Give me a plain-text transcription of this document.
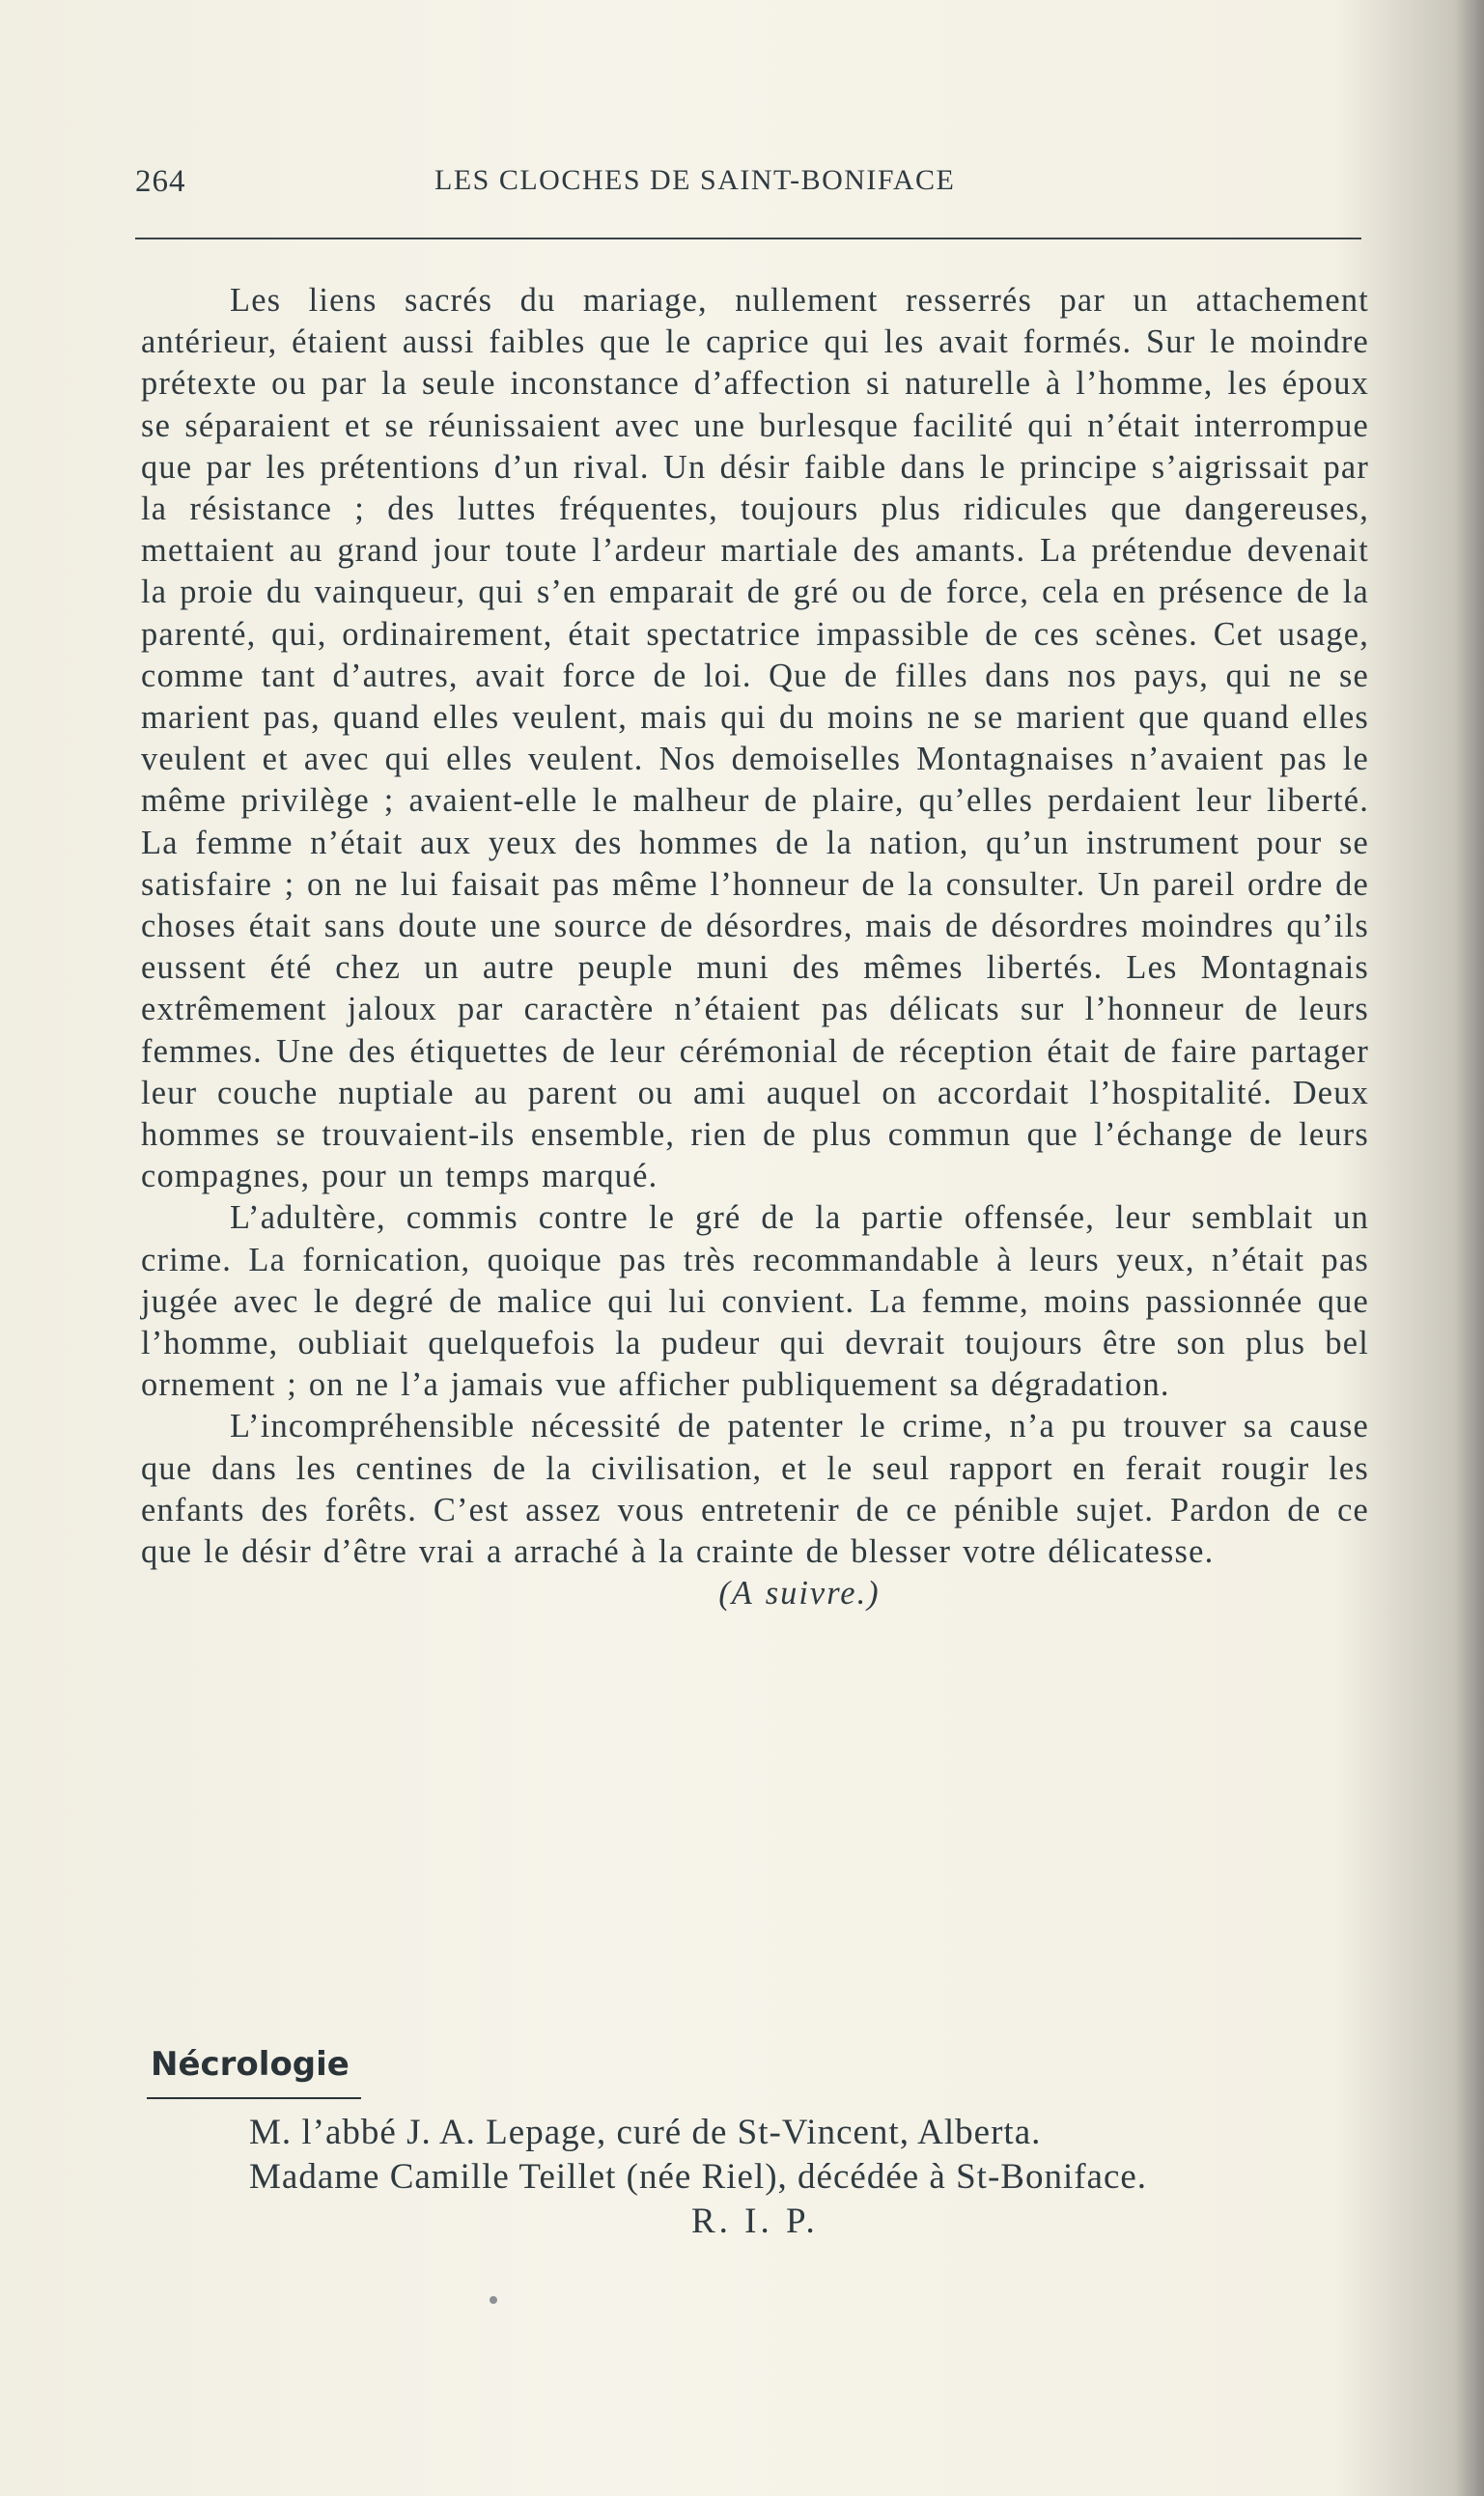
264	LES CLOCHES DE SAINT-BONIFACE

Les liens sacrés du mariage, nullement resserrés par un attachement antérieur, étaient aussi faibles que le caprice qui les avait formés. Sur le moindre prétexte ou par la seule inconstance d’affection si naturelle à l’homme, les époux se séparaient et se réunissaient avec une burlesque facilité qui n’était interrompue que par les prétentions d’un rival. Un désir faible dans le principe s’aigrissait par la résistance ; des luttes fréquentes, toujours plus ridicules que dangereuses, mettaient au grand jour toute l’ardeur martiale des amants. La prétendue devenait la proie du vainqueur, qui s’en emparait de gré ou de force, cela en présence de la parenté, qui, ordinairement, était spectatrice impassible de ces scènes. Cet usage, comme tant d’autres, avait force de loi. Que de filles dans nos pays, qui ne se marient pas, quand elles veulent, mais qui du moins ne se marient que quand elles veulent et avec qui elles veulent. Nos demoiselles Montagnaises n’avaient pas le même privilège ; avaient-elle le malheur de plaire, qu’elles perdaient leur liberté. La femme n’était aux yeux des hommes de la nation, qu’un instrument pour se satisfaire ; on ne lui faisait pas même l’honneur de la consulter. Un pareil ordre de choses était sans doute une source de désordres, mais de désordres moindres qu’ils eussent été chez un autre peuple muni des mêmes libertés. Les Montagnais extrêmement jaloux par caractère n’étaient pas délicats sur l’honneur de leurs femmes. Une des étiquettes de leur cérémonial de réception était de faire partager leur couche nuptiale au parent ou ami auquel on accordait l’hospitalité. Deux hommes se trouvaient-ils ensemble, rien de plus commun que l’échange de leurs compagnes, pour un temps marqué.

L’adultère, commis contre le gré de la partie offensée, leur semblait un crime. La fornication, quoique pas très recommandable à leurs yeux, n’était pas jugée avec le degré de malice qui lui convient. La femme, moins passionnée que l’homme, oubliait quelquefois la pudeur qui devrait toujours être son plus bel ornement ; on ne l’a jamais vue afficher publiquement sa dégradation.

L’incompréhensible nécessité de patenter le crime, n’a pu trouver sa cause que dans les centines de la civilisation, et le seul rapport en ferait rougir les enfants des forêts. C’est assez vous entretenir de ce pénible sujet. Pardon de ce que le désir d’être vrai a arraché à la crainte de blesser votre délicatesse.

(A suivre.)

Nécrologie

M. l’abbé J. A. Lepage, curé de St-Vincent, Alberta.

Madame Camille Teillet (née Riel), décédée à St-Boniface.

R. I. P.
